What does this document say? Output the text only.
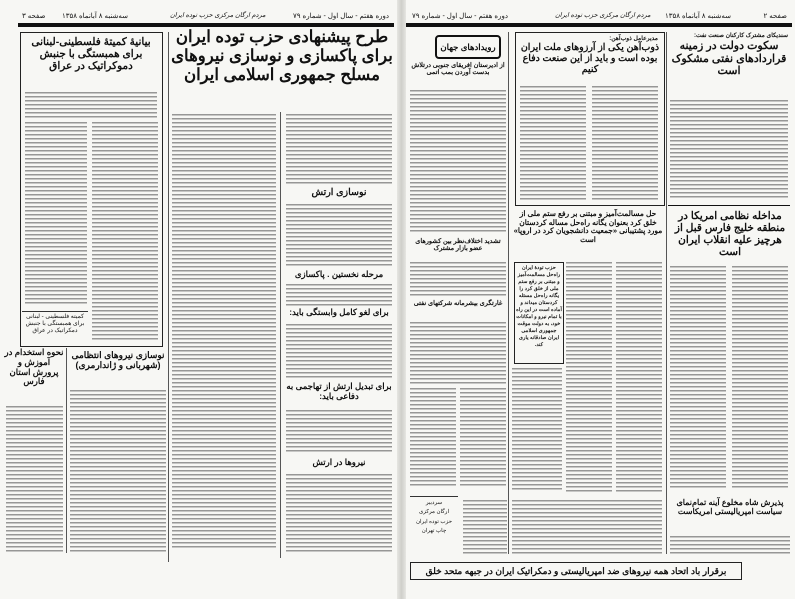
صفحه ۳ سه‌شنبه ۸ آبانماه ۱۳۵۸	مردم ارگان مرکزی حزب توده ایران	دوره هفتم - سال اول - شماره ۷۹
بیانیهٔ کمیتهٔ فلسطینی-لبنانی برای همبستگی با جنبش دموکراتیک در عراق
کمیته فلسطینی - لبنانی برای همبستگی با جنبش دمکراتیک در عراق
طرح پیشنهادی حزب توده ایران برای پاکسازی و نوسازی نیروهای مسلح جمهوری اسلامی ایران
نوسازی ارتش
مرحله نخستین . پاکسازی
برای لغو کامل وابستگی باید:
برای تبدیل ارتش از تهاجمی به دفاعی باید:
نیروها در ارتش
نوسازی نیروهای انتظامی (شهربانی و ژاندارمری)
نحوه استخدام در آموزش و پرورش استان فارس
دوره هفتم - سال اول - شماره ۷۹	مردم ارگان مرکزی حزب توده ایران سه‌شنبه ۸ آبانماه ۱۳۵۸	صفحه ۲
رویدادهای جهان
از ادیرستان افریقای جنوبی درتلاش بدست آوردن بمب اتمی
تشدید اختلاف‌نظر بین کشورهای عضو بازار مشترک
غارتگری بیشرمانه شرکتهای نفتی
مدیرعامل ذوب‌آهن:
ذوب‌آهن یکی از آرزوهای ملت ایران بوده است و باید از این صنعت دفاع کنیم
سندیکای مشترک کارکنان صنعت نفت:
سکوت دولت در زمینه قراردادهای نفتی مشکوک است
مداخله نظامی امریکا در منطقه خلیج فارس قبل از هرچیز علیه انقلاب ایران است
حل مسالمت‌آمیز و مبتنی بر رفع ستم ملی از خلق کرد بعنوان یگانه راه‌حل مساله کردستان مورد پشتیبانی «جمعیت دانشجویان کرد در اروپا» است
حزب تودهٔ ایران راه‌حل مسالمت‌آمیز و مبتنی بر رفع ستم ملی از خلق کرد را یگانه راه‌حل مسئله کردستان میداند و آماده است در این راه با تمام نیرو و امکانات خود، به دولت موقت جمهوری اسلامی ایران صادقانه یاری کند.
سردبیر
ارگان مرکزی
حزب توده ایران
چاپ تهران
پذیرش شاه مخلوع آینه تمام‌نمای سیاست امپریالیستی امریکاست
برقرار باد اتحاد همه نیروهای ضد امپریالیستی و دمکراتیک ایران در جبهه متحد خلق
